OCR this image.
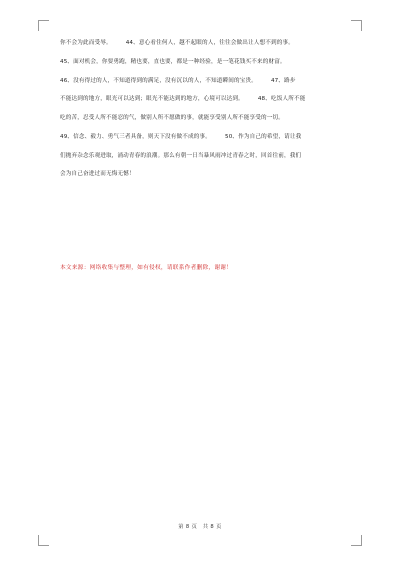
你不会为此而受辱。	44、意心看住何人，越不起眼的人，往往会做出让人想不到的事。

45、面对机会，你要勇跑，精也要，直也要，都是一种经验，是一笔花钱买不来的财富。

46、没有得过的人，不知道得到的满足，没有沉以的人，不知道瞬间的宝贵。	47、路步

不能达到的地方，眼光可以达到；眼光不能达到的地方，心境可以达到。	48、吃饭人所不能

吃的苦，忍受人所不能忍的气，做别人所不愿做的事，就能享受别人所不能享受的一切。

49、信念、毅力、勇气三者具备，则天下没有做不成的事。	50、作为自己的希望，请让我

们抛弃杂念乐观进取，涌动青春的浪潮。那么有朝一日当暴风雨冲过青春之时，回首往前，我们

会为自己奋进过而无悔无憾！

本文来源：网络收集与整理，如有侵权，请联系作者删除，谢谢！
第 8 页　共 8 页
